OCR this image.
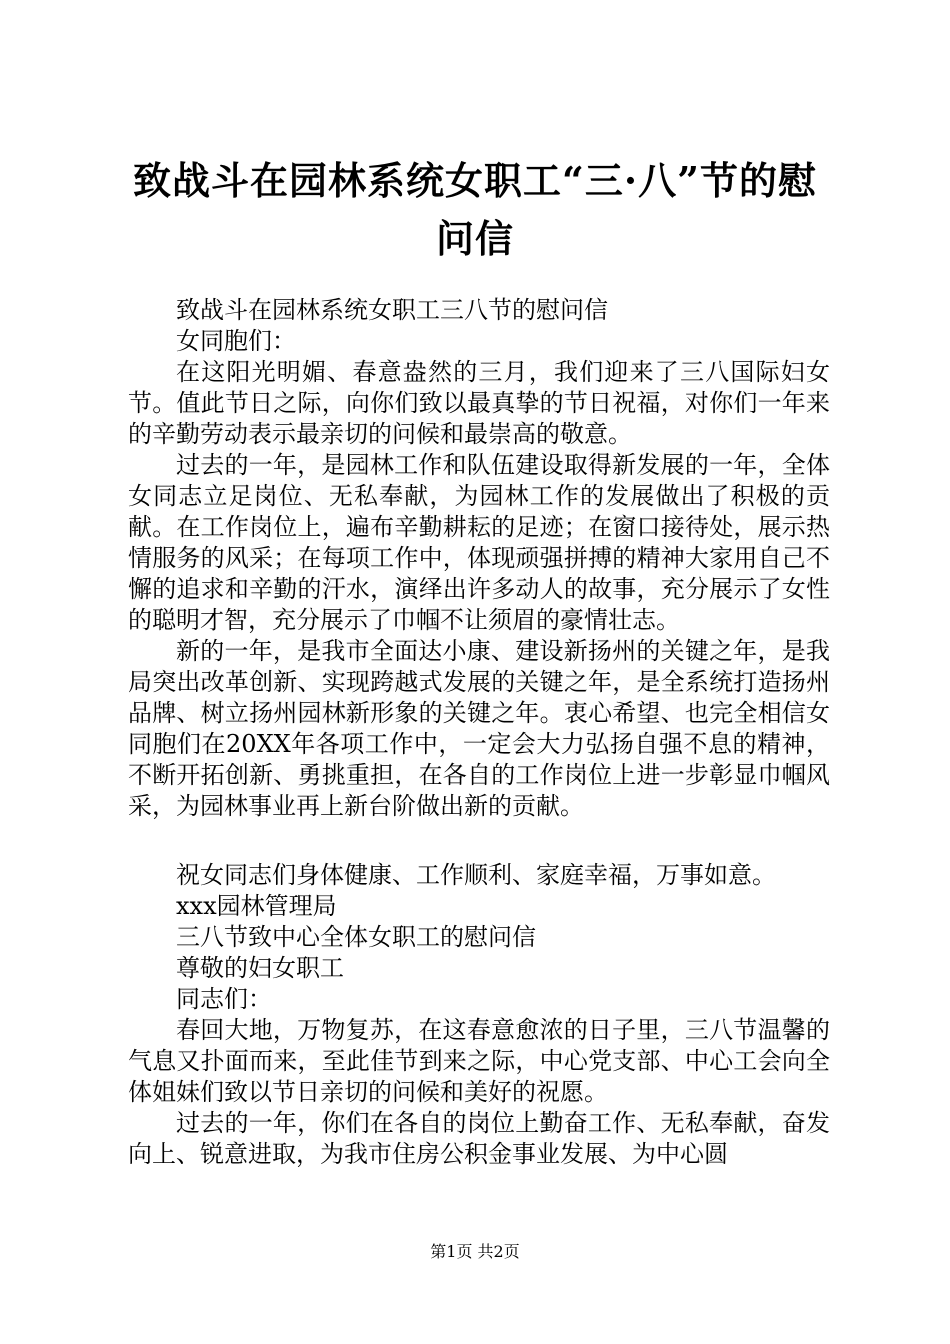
致战斗在园林系统女职工“三·八”节的慰问信

致战斗在园林系统女职工三八节的慰问信

女同胞们：

在这阳光明媚、春意盎然的三月，我们迎来了三八国际妇女节。值此节日之际，向你们致以最真挚的节日祝福，对你们一年来的辛勤劳动表示最亲切的问候和最崇高的敬意。

过去的一年，是园林工作和队伍建设取得新发展的一年，全体女同志立足岗位、无私奉献，为园林工作的发展做出了积极的贡献。在工作岗位上，遍布辛勤耕耘的足迹；在窗口接待处，展示热情服务的风采；在每项工作中，体现顽强拼搏的精神大家用自己不懈的追求和辛勤的汗水，演绎出许多动人的故事，充分展示了女性的聪明才智，充分展示了巾帼不让须眉的豪情壮志。

新的一年，是我市全面达小康、建设新扬州的关键之年，是我局突出改革创新、实现跨越式发展的关键之年，是全系统打造扬州品牌、树立扬州园林新形象的关键之年。衷心希望、也完全相信女同胞们在20XX年各项工作中，一定会大力弘扬自强不息的精神，不断开拓创新、勇挑重担，在各自的工作岗位上进一步彰显巾帼风采，为园林事业再上新台阶做出新的贡献。

祝女同志们身体健康、工作顺利、家庭幸福，万事如意。

xxx园林管理局

三八节致中心全体女职工的慰问信

尊敬的妇女职工

同志们：

春回大地，万物复苏，在这春意愈浓的日子里，三八节温馨的气息又扑面而来，至此佳节到来之际，中心党支部、中心工会向全体姐妹们致以节日亲切的问候和美好的祝愿。

过去的一年，你们在各自的岗位上勤奋工作、无私奉献，奋发向上、锐意进取，为我市住房公积金事业发展、为中心圆

第1页 共2页
